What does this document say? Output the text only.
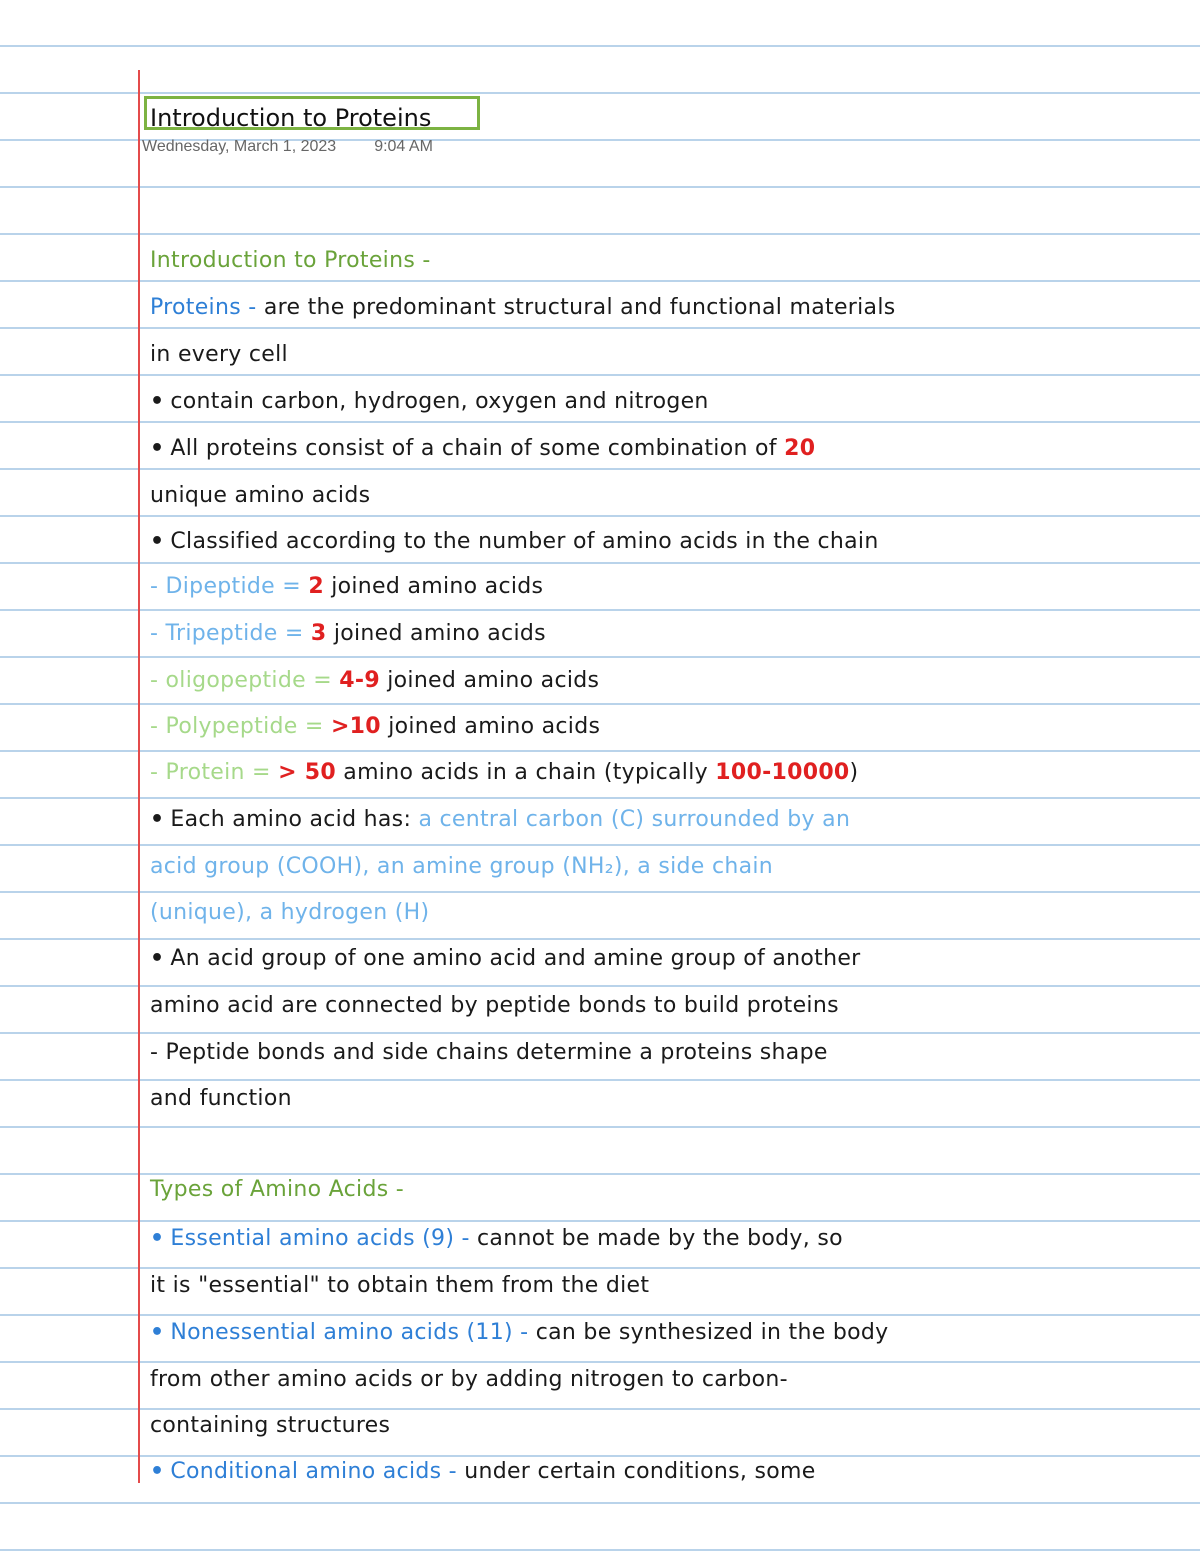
Introduction to Proteins
Wednesday, March 1, 2023 9:04 AM
Introduction to Proteins -
Proteins - are the predominant structural and functional materials
in every cell
• contain carbon, hydrogen, oxygen and nitrogen
• All proteins consist of a chain of some combination of 20
unique amino acids
• Classified according to the number of amino acids in the chain
- Dipeptide = 2 joined amino acids
- Tripeptide = 3 joined amino acids
- oligopeptide = 4-9 joined amino acids
- Polypeptide = >10 joined amino acids
- Protein = > 50 amino acids in a chain (typically 100-10000)
• Each amino acid has: a central carbon (C) surrounded by an
acid group (COOH), an amine group (NH₂), a side chain
(unique), a hydrogen (H)
• An acid group of one amino acid and amine group of another
amino acid are connected by peptide bonds to build proteins
- Peptide bonds and side chains determine a proteins shape
and function
Types of Amino Acids -
• Essential amino acids (9) - cannot be made by the body, so
it is "essential" to obtain them from the diet
• Nonessential amino acids (11) - can be synthesized in the body
from other amino acids or by adding nitrogen to carbon-
containing structures
• Conditional amino acids - under certain conditions, some
